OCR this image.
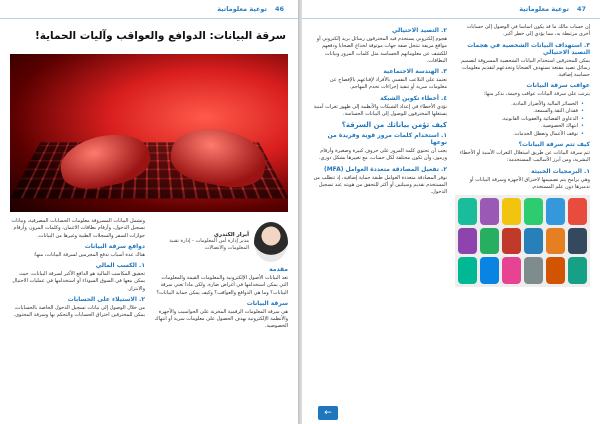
46
توعية معلوماتية
سرقة البيانات: الدوافع والعواقب وآليات الحماية!
أبرار الكندري
مدير إدارة أمن المعلومات - إدارة تقنية المعلومات والاتصالات
مقدمة

تعد البيانات الأصول الإلكترونية والمعلومات القيمة والمعلومات التي يمكن استخدامها في أغراض ضارة. ولكن ماذا تعني سرقة البيانات؟ وما هي الدوافع والعواقب؟ وكيف يمكن حماية البيانات؟

سرقة البيانات

هي سرقة المعلومات الرقمية المخزنة على الحواسيب والأجهزة والأنظمة الإلكترونية بهدف الحصول على معلومات سرية أو انتهاك الخصوصية.

وتشمل البيانات المسروقة معلومات الحسابات المصرفية، وبيانات تسجيل الدخول، وأرقام بطاقات الائتمان، وكلمات المرور، وأرقام جوازات السفر والسجلات الطبية وغيرها من البيانات.

دوافع سرقة البيانات

هناك عدة أسباب تدفع المجرمين لسرقة البيانات، منها:

١. الكسب المالي

تحقيق المكاسب المالية هو الدافع الأكبر لسرقة البيانات، حيث يمكن بيعها في السوق السوداء أو استخدامها في عمليات الاحتيال والابتزاز.

٢. الاستيلاء على الحسابات

من خلال الوصول إلى بيانات تسجيل الدخول الخاصة بالحسابات، يمكن للمخترقين اختراق الحسابات والتحكم بها وسرقة المحتوى.

47
توعية معلوماتية

إن حساب مالك ما قد يكون أساساً في الوصول إلى حسابات أخرى مرتبطة به، مما يؤدي إلى خطر أكبر.

٣. استهداف البيانات الشخصية في هجمات التصيد الاحتيالي

يمكن للمخترقين استخدام البيانات الشخصية المسروقة لتصميم رسائل تصيد مقنعة تستهدف الضحايا وتخدعهم لتقديم معلومات حساسة إضافية.

عواقب سرقة البيانات

يترتب على سرقة البيانات عواقب وخيمة، نذكر منها:

• الخسائر المالية والأضرار المادية.
• فقدان الثقة والسمعة.
• الدعاوى القضائية والعقوبات القانونية.
• انتهاك الخصوصية.
• توقف الأعمال وتعطل الخدمات.
كيف تتم سرقة البيانات؟

تتم سرقة البيانات عن طريق استغلال الثغرات الأمنية أو الأخطاء البشرية، ومن أبرز الأساليب المستخدمة:

١. البرمجيات الخبيثة

وهي برامج يتم تصميمها لاختراق الأجهزة وسرقة البيانات أو تدميرها دون علم المستخدم.

٢. التصيد الاحتيالي

هجوم إلكتروني يستخدم فيه المخترقون رسائل بريد إلكتروني أو مواقع مزيفة تنتحل صفة جهات موثوقة لخداع الضحايا ودفعهم للكشف عن معلوماتهم الحساسة مثل كلمات المرور وبيانات البطاقات.

٣. الهندسة الاجتماعية

تعتمد على التلاعب النفسي بالأفراد لإقناعهم بالإفصاح عن معلومات سرية أو تنفيذ إجراءات تخدم المهاجم.

٤. أخطاء تكوين الشبكة

تؤدي الأخطاء في إعداد الشبكات والأنظمة إلى ظهور ثغرات أمنية يستغلها المخترقون للوصول إلى البيانات الحساسة.

كيف تؤمن بياناتك من السرقة؟
١. استخدام كلمات مرور قوية وفريدة من نوعها

يجب أن تحتوي كلمة المرور على حروف كبيرة وصغيرة وأرقام ورموز، وأن تكون مختلفة لكل حساب، مع تغييرها بشكل دوري.

٢. تفعيل المصادقة متعددة العوامل (MFA)

توفر المصادقة متعددة العوامل طبقة حماية إضافية، إذ تتطلب من المستخدم تقديم وسيلتين أو أكثر للتحقق من هويته عند تسجيل الدخول.

←
